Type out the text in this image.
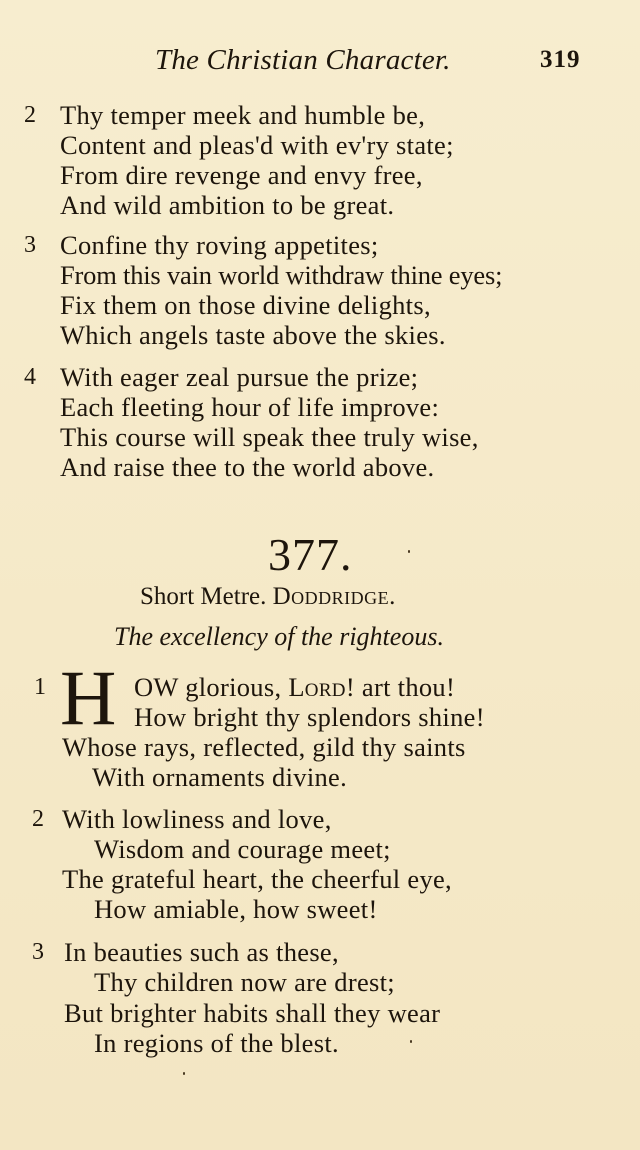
The Christian Character.	319
2 Thy temper meek and humble be,
Content and pleas'd with ev'ry state;
From dire revenge and envy free,
And wild ambition to be great.
3 Confine thy roving appetites;
From this vain world withdraw thine eyes;
Fix them on those divine delights,
Which angels taste above the skies.
4 With eager zeal pursue the prize;
Each fleeting hour of life improve:
This course will speak thee truly wise,
And raise thee to the world above.
377.
Short Metre. Doddridge.
The excellency of the righteous.
1 H OW glorious, Lord! art thou!
How bright thy splendors shine!
Whose rays, reflected, gild thy saints
With ornaments divine.
2 With lowliness and love,
Wisdom and courage meet;
The grateful heart, the cheerful eye,
How amiable, how sweet!
3 In beauties such as these,
Thy children now are drest;
But brighter habits shall they wear
In regions of the blest.
